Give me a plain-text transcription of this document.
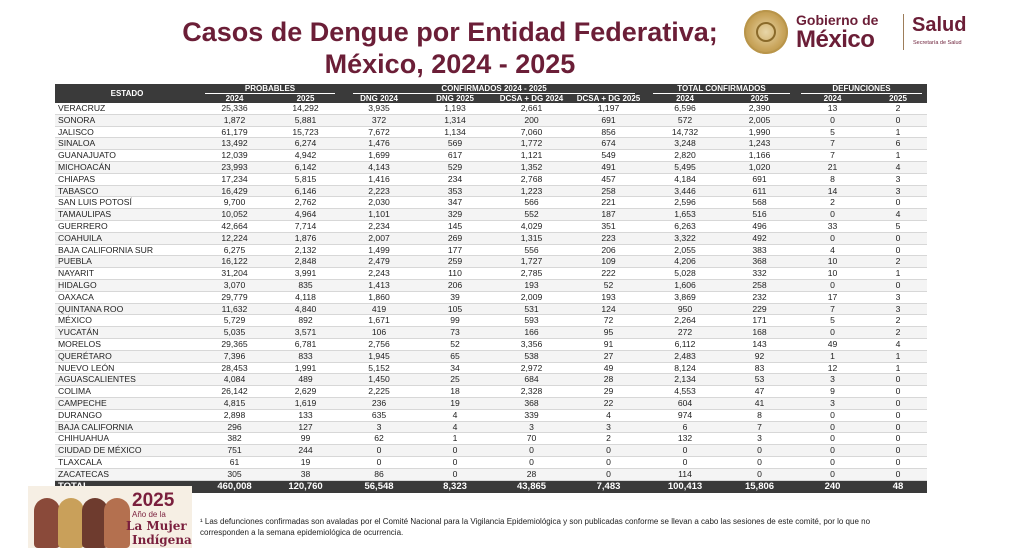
Casos de Dengue por Entidad Federativa;
México, 2024 - 2025
Gobierno de
México
Salud
Secretaría de Salud
ESTADO	PROBABLES		CONFIRMADOS 2024 - 2025				TOTAL CONFIRMADOS		DEFUNCIONES	
	2024	2025	DNG 2024	DNG 2025	DCSA + DG 2024	DCSA + DG 2025	2024	2025	2024	2025
VERACRUZ	25,336	14,292	3,935	1,193	2,661	1,197	6,596	2,390	13	2
SONORA	1,872	5,881	372	1,314	200	691	572	2,005	0	0
JALISCO	61,179	15,723	7,672	1,134	7,060	856	14,732	1,990	5	1
SINALOA	13,492	6,274	1,476	569	1,772	674	3,248	1,243	7	6
GUANAJUATO	12,039	4,942	1,699	617	1,121	549	2,820	1,166	7	1
MICHOACÁN	23,993	6,142	4,143	529	1,352	491	5,495	1,020	21	4
CHIAPAS	17,234	5,815	1,416	234	2,768	457	4,184	691	8	3
TABASCO	16,429	6,146	2,223	353	1,223	258	3,446	611	14	3
SAN LUIS POTOSÍ	9,700	2,762	2,030	347	566	221	2,596	568	2	0
TAMAULIPAS	10,052	4,964	1,101	329	552	187	1,653	516	0	4
GUERRERO	42,664	7,714	2,234	145	4,029	351	6,263	496	33	5
COAHUILA	12,224	1,876	2,007	269	1,315	223	3,322	492	0	0
BAJA CALIFORNIA SUR	6,275	2,132	1,499	177	556	206	2,055	383	4	0
PUEBLA	16,122	2,848	2,479	259	1,727	109	4,206	368	10	2
NAYARIT	31,204	3,991	2,243	110	2,785	222	5,028	332	10	1
HIDALGO	3,070	835	1,413	206	193	52	1,606	258	0	0
OAXACA	29,779	4,118	1,860	39	2,009	193	3,869	232	17	3
QUINTANA ROO	11,632	4,840	419	105	531	124	950	229	7	3
MÉXICO	5,729	892	1,671	99	593	72	2,264	171	5	2
YUCATÁN	5,035	3,571	106	73	166	95	272	168	0	2
MORELOS	29,365	6,781	2,756	52	3,356	91	6,112	143	49	4
QUERÉTARO	7,396	833	1,945	65	538	27	2,483	92	1	1
NUEVO LEÓN	28,453	1,991	5,152	34	2,972	49	8,124	83	12	1
AGUASCALIENTES	4,084	489	1,450	25	684	28	2,134	53	3	0
COLIMA	26,142	2,629	2,225	18	2,328	29	4,553	47	9	0
CAMPECHE	4,815	1,619	236	19	368	22	604	41	3	0
DURANGO	2,898	133	635	4	339	4	974	8	0	0
BAJA CALIFORNIA	296	127	3	4	3	3	6	7	0	0
CHIHUAHUA	382	99	62	1	70	2	132	3	0	0
CIUDAD DE MÉXICO	751	244	0	0	0	0	0	0	0	0
TLAXCALA	61	19	0	0	0	0	0	0	0	0
ZACATECAS	305	38	86	0	28	0	114	0	0	0
	460,008	120,760	56,548	8,323	43,865	7,483	100,413	15,806	240	48
2025
Año de la
La Mujer
Indígena
¹ Las defunciones confirmadas son avaladas por el Comité Nacional para la Vigilancia Epidemiológica y son publicadas conforme se llevan a cabo las sesiones de este comité, por lo que no corresponden a la semana epidemiológica de ocurrencia.
